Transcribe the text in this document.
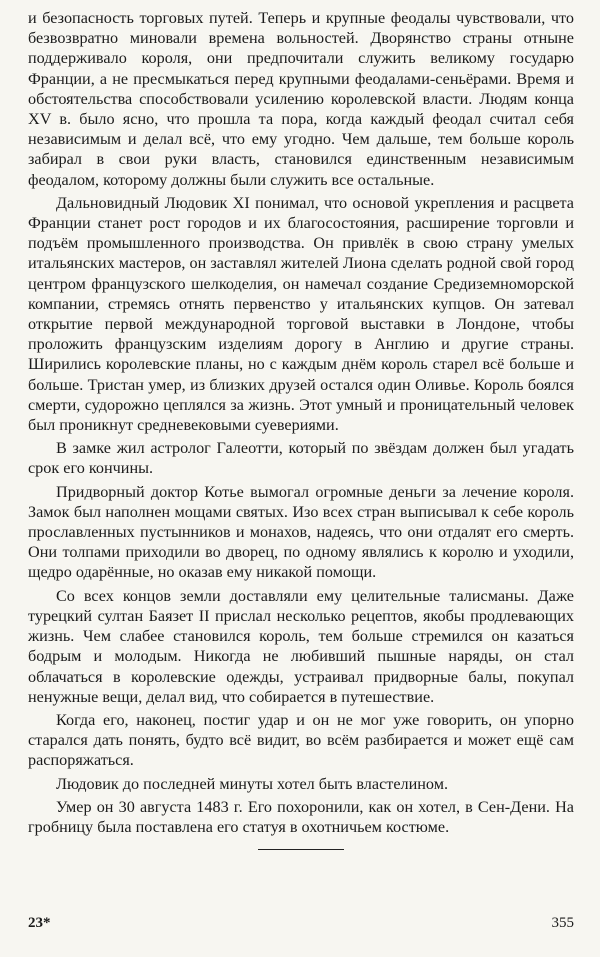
и безопасность торговых путей. Теперь и крупные феодалы чувствовали, что безвозвратно миновали времена вольностей. Дворянство страны отныне поддерживало короля, они предпочитали служить великому государю Франции, а не пресмыкаться перед крупными феодалами-сеньёрами. Время и обстоятельства способствовали усилению королевской власти. Людям конца XV в. было ясно, что прошла та пора, когда каждый феодал считал себя независимым и делал всё, что ему угодно. Чем дальше, тем больше король забирал в свои руки власть, становился единственным независимым феодалом, которому должны были служить все остальные.

Дальновидный Людовик XI понимал, что основой укрепления и расцвета Франции станет рост городов и их благосостояния, расширение торговли и подъём промышленного производства. Он привлёк в свою страну умелых итальянских мастеров, он заставлял жителей Лиона сделать родной свой город центром французского шелкоделия, он намечал создание Средиземноморской компании, стремясь отнять первенство у итальянских купцов. Он затевал открытие первой международной торговой выставки в Лондоне, чтобы проложить французским изделиям дорогу в Англию и другие страны. Ширились королевские планы, но с каждым днём король старел всё больше и больше. Тристан умер, из близких друзей остался один Оливье. Король боялся смерти, судорожно цеплялся за жизнь. Этот умный и проницательный человек был проникнут средневековыми суевериями.

В замке жил астролог Галеотти, который по звёздам должен был угадать срок его кончины.

Придворный доктор Котье вымогал огромные деньги за лечение короля. Замок был наполнен мощами святых. Изо всех стран выписывал к себе король прославленных пустынников и монахов, надеясь, что они отдалят его смерть. Они толпами приходили во дворец, по одному являлись к королю и уходили, щедро одарённые, но оказав ему никакой помощи.

Со всех концов земли доставляли ему целительные талисманы. Даже турецкий султан Баязет II прислал несколько рецептов, якобы продлевающих жизнь. Чем слабее становился король, тем больше стремился он казаться бодрым и молодым. Никогда не любивший пышные наряды, он стал облачаться в королевские одежды, устраивал придворные балы, покупал ненужные вещи, делал вид, что собирается в путешествие.

Когда его, наконец, постиг удар и он не мог уже говорить, он упорно старался дать понять, будто всё видит, во всём разбирается и может ещё сам распоряжаться.

Людовик до последней минуты хотел быть властелином.

Умер он 30 августа 1483 г. Его похоронили, как он хотел, в Сен-Дени. На гробницу была поставлена его статуя в охотничьем костюме.

23*	355
